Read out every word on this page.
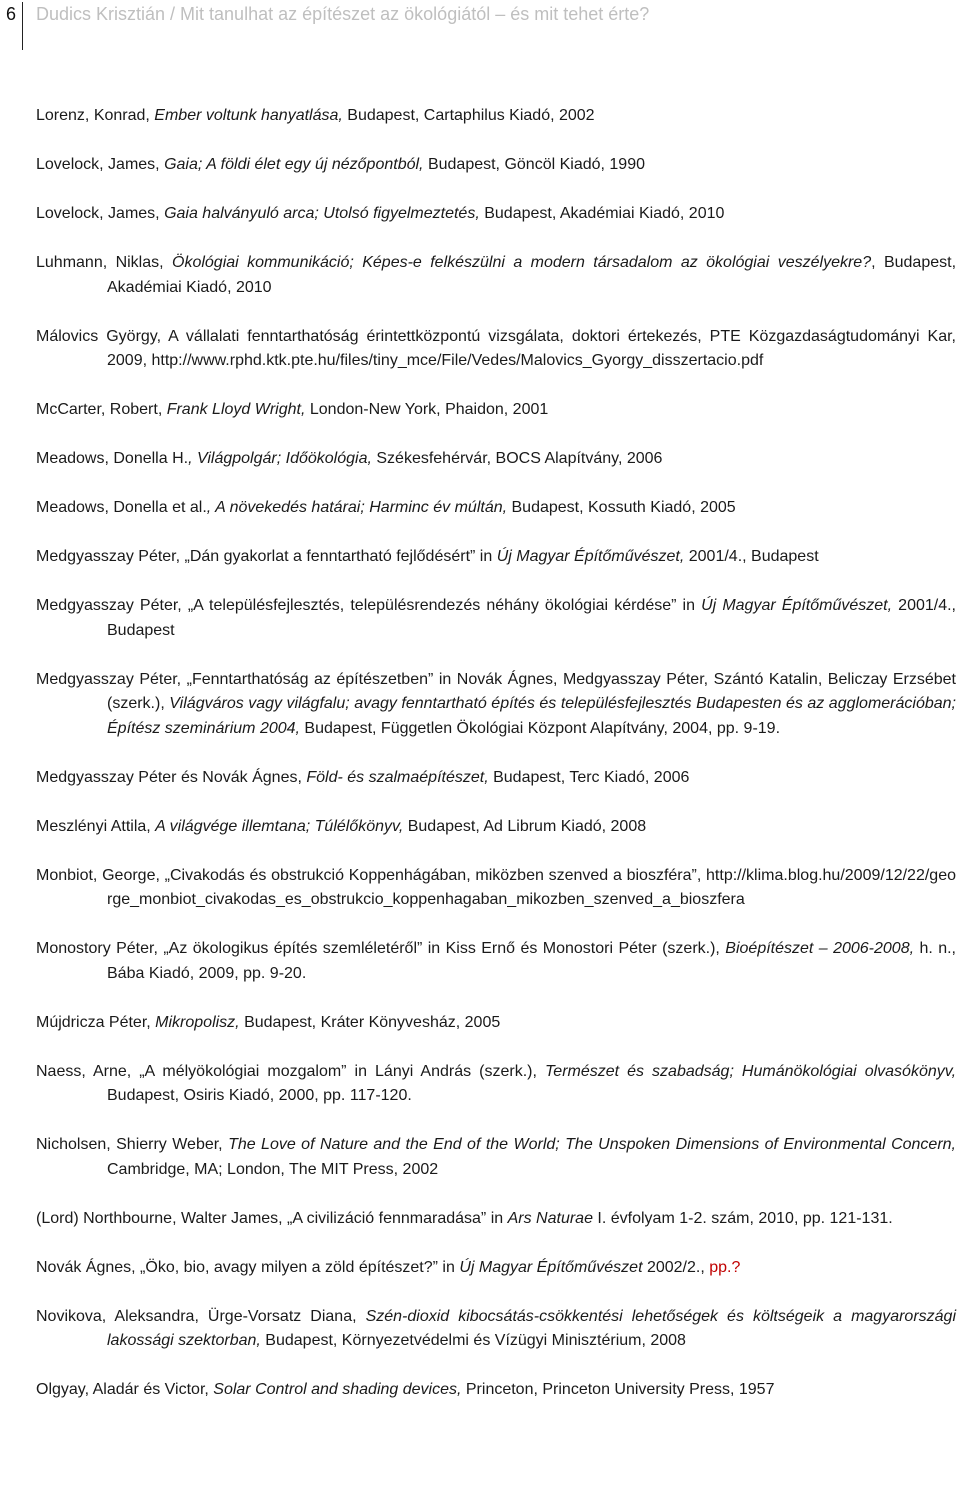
6 Dudics Krisztián / Mit tanulhat az építészet az ökológiától – és mit tehet érte?

Lorenz, Konrad, Ember voltunk hanyatlása, Budapest, Cartaphilus Kiadó, 2002

Lovelock, James, Gaia; A földi élet egy új nézőpontból, Budapest, Göncöl Kiadó, 1990

Lovelock, James, Gaia halványuló arca; Utolsó figyelmeztetés, Budapest, Akadémiai Kiadó, 2010

Luhmann, Niklas, Ökológiai kommunikáció; Képes-e felkészülni a modern társadalom az ökológiai veszélyekre?, Budapest, Akadémiai Kiadó, 2010

Málovics György, A vállalati fenntarthatóság érintettközpontú vizsgálata, doktori értekezés, PTE Közgazdaságtudományi Kar, 2009, http://www.rphd.ktk.pte.hu/files/tiny_mce/File/Vedes/Malovics_Gyorgy_disszertacio.pdf

McCarter, Robert, Frank Lloyd Wright, London-New York, Phaidon, 2001

Meadows, Donella H., Világpolgár; Időökológia, Székesfehérvár, BOCS Alapítvány, 2006

Meadows, Donella et al., A növekedés határai; Harminc év múltán, Budapest, Kossuth Kiadó, 2005

Medgyasszay Péter, „Dán gyakorlat a fenntartható fejlődésért” in Új Magyar Építőművészet, 2001/4., Budapest

Medgyasszay Péter, „A településfejlesztés, településrendezés néhány ökológiai kérdése” in Új Magyar Építőművészet, 2001/4., Budapest

Medgyasszay Péter, „Fenntarthatóság az építészetben” in Novák Ágnes, Medgyasszay Péter, Szántó Katalin, Beliczay Erzsébet (szerk.), Világváros vagy világfalu; avagy fenntartható építés és településfejlesztés Budapesten és az agglomerációban; Építész szeminárium 2004, Budapest, Független Ökológiai Központ Alapítvány, 2004, pp. 9-19.

Medgyasszay Péter és Novák Ágnes, Föld- és szalmaépítészet, Budapest, Terc Kiadó, 2006

Meszlényi Attila, A világvége illemtana; Túlélőkönyv, Budapest, Ad Librum Kiadó, 2008

Monbiot, George, „Civakodás és obstrukció Koppenhágában, miközben szenved a bioszféra”, http://klima.blog.hu/2009/12/22/george_monbiot_civakodas_es_obstrukcio_koppenhagaban_mikozben_szenved_a_bioszfera

Monostory Péter, „Az ökologikus építés szemléletéről” in Kiss Ernő és Monostori Péter (szerk.), Bioépítészet – 2006-2008, h. n., Bába Kiadó, 2009, pp. 9-20.

Mújdricza Péter, Mikropolisz, Budapest, Kráter Könyvesház, 2005

Naess, Arne, „A mélyökológiai mozgalom” in Lányi András (szerk.), Természet és szabadság; Humánökológiai olvasókönyv, Budapest, Osiris Kiadó, 2000, pp. 117-120.

Nicholsen, Shierry Weber, The Love of Nature and the End of the World; The Unspoken Dimensions of Environmental Concern, Cambridge, MA; London, The MIT Press, 2002

(Lord) Northbourne, Walter James, „A civilizáció fennmaradása” in Ars Naturae I. évfolyam 1-2. szám, 2010, pp. 121-131.

Novák Ágnes, „Öko, bio, avagy milyen a zöld építészet?” in Új Magyar Építőművészet 2002/2., pp.?

Novikova, Aleksandra, Ürge-Vorsatz Diana, Szén-dioxid kibocsátás-csökkentési lehetőségek és költségeik a magyarországi lakossági szektorban, Budapest, Környezetvédelmi és Vízügyi Minisztérium, 2008

Olgyay, Aladár és Victor, Solar Control and shading devices, Princeton, Princeton University Press, 1957
